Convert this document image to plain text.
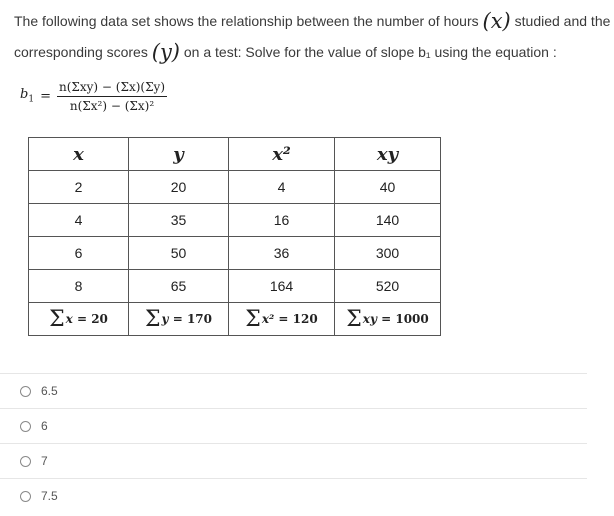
The following data set shows the relationship between the number of hours (x) studied and the
corresponding scores (y) on a test: Solve for the value of slope b₁ using the equation :
$b_1 = \frac{\text{n(Σxy) − (Σx)(Σy)}}{\text{n(Σx²) − (Σx)²}}$
x	y	x²	xy
2	20	4	40
4	35	16	140
6	50	36	300
8	65	164	520
Σx = 20	Σy = 170	Σx² = 120	Σxy = 1000
6.5
6
7
7.5
